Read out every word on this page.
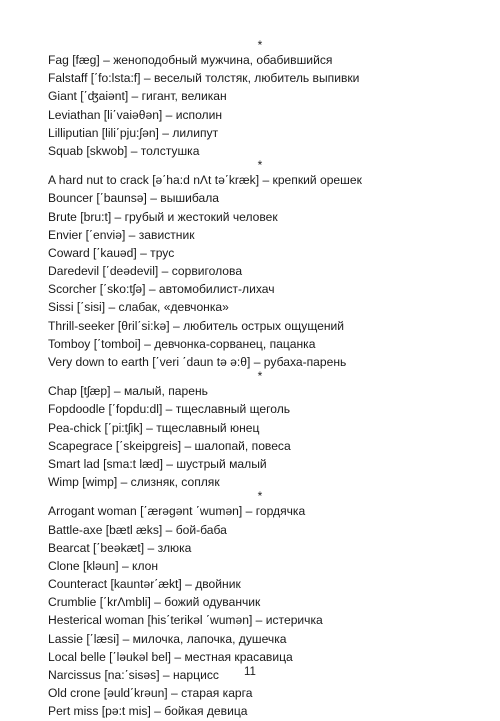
*
Fag [fæg] – женоподобный мужчина, обабившийся
Falstaff [΄fo:lsta:f] – веселый толстяк, любитель выпивки
Giant [΄ʤaiənt] – гигант, великан
Leviathan [li΄vaiəθən] – исполин
Lilliputian [lili΄pju:ʃən] – лилипут
Squab [skwob] – толстушка
*
A hard nut to crack [ə΄ha:d nΛt tə΄kræk] – крепкий орешек
Bouncer [΄baunsə] – вышибала
Brute [bru:t] – грубый и жестокий человек
Envier [΄enviə] – завистник
Coward [΄kauəd] – трус
Daredevil [΄deədevil] – сорвиголова
Scorcher [΄sko:tʃə] – автомобилист-лихач
Sissi [΄sisi] – слабак, «девчонка»
Thrill-seeker [θril΄si:kə] – любитель острых ощущений
Tomboy [΄tomboi] – девчонка-сорванец, пацанка
Very down to earth [΄veri ΄daun tə ə:θ] – рубаха-парень
*
Chap [tʃæp] – малый, парень
Fopdoodle [΄fopdu:dl] – тщеславный щеголь
Pea-chick [΄pi:tʃik] – тщеславный юнец
Scapegrace [΄skeipgreis] – шалопай, повеса
Smart lad [sma:t læd] – шустрый малый
Wimp [wimp] – слизняк, сопляк
*
Arrogant woman [΄ærəgənt ΄wumən] – гордячка
Battle-axe [bætl æks] – бой-баба
Bearcat [΄beəkæt] – злюка
Clone [kləun] – клон
Counteract [kauntər΄ækt] – двойник
Crumblie [΄krΛmbli] – божий одуванчик
Hesterical woman [his΄terikəl ΄wumən] – истеричка
Lassie [΄læsi] – милочка, лапочка, душечка
Local belle [΄ləukəl bel] – местная красавица
Narcissus [na:΄sisəs] – нарцисс
Old crone [əuld΄krəun] – старая карга
Pert miss [pə:t mis] – бойкая девица
11
